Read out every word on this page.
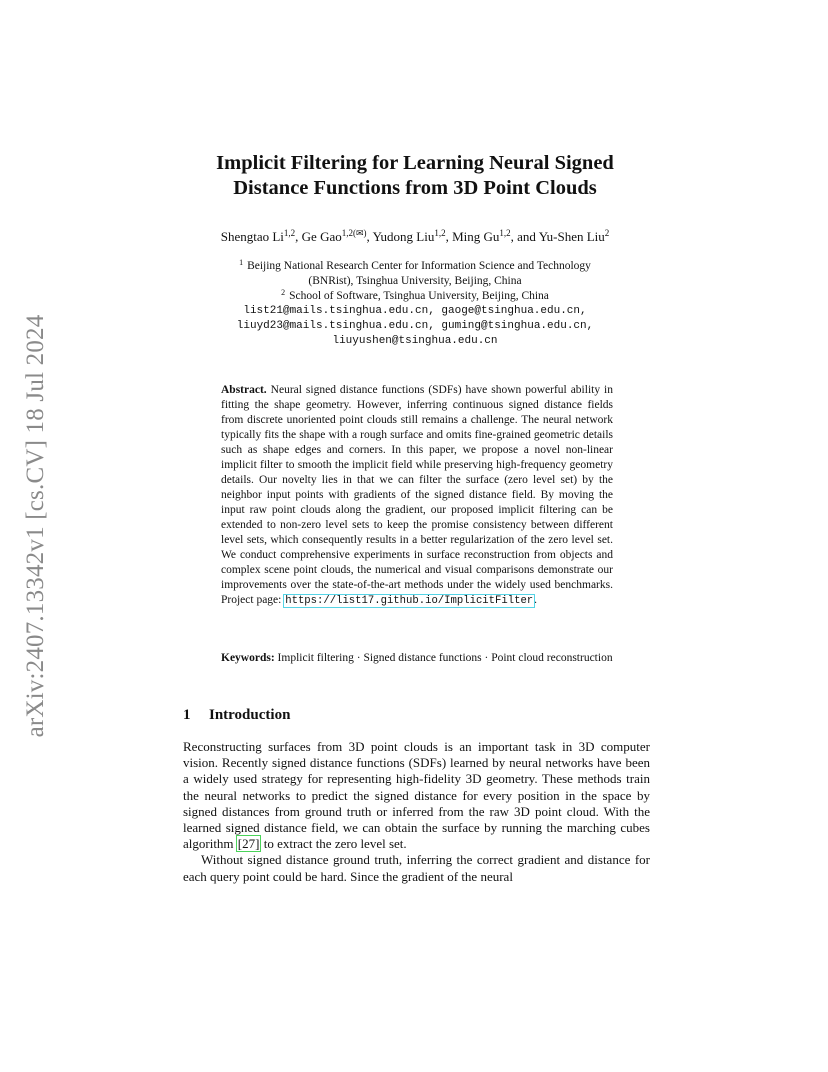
arXiv:2407.13342v1 [cs.CV] 18 Jul 2024
Implicit Filtering for Learning Neural Signed
Distance Functions from 3D Point Clouds
Shengtao Li$^{1,2}$, Ge Gao$^{1,2(✉)}$, Yudong Liu$^{1,2}$, Ming Gu$^{1,2}$, and Yu-Shen Liu$^2$
$^1$ Beijing National Research Center for Information Science and Technology
(BNRist), Tsinghua University, Beijing, China
$^2$ School of Software, Tsinghua University, Beijing, China
list21@mails.tsinghua.edu.cn, gaoge@tsinghua.edu.cn,
liuyd23@mails.tsinghua.edu.cn, guming@tsinghua.edu.cn,
liuyushen@tsinghua.edu.cn
Abstract. Neural signed distance functions (SDFs) have shown powerful ability in fitting the shape geometry. However, inferring continuous signed distance fields from discrete unoriented point clouds still remains a challenge. The neural network typically fits the shape with a rough surface and omits fine-grained geometric details such as shape edges and corners. In this paper, we propose a novel non-linear implicit filter to smooth the implicit field while preserving high-frequency geometry details. Our novelty lies in that we can filter the surface (zero level set) by the neighbor input points with gradients of the signed distance field. By moving the input raw point clouds along the gradient, our proposed implicit filtering can be extended to non-zero level sets to keep the promise consistency between different level sets, which consequently results in a better regularization of the zero level set. We conduct comprehensive experiments in surface reconstruction from objects and complex scene point clouds, the numerical and visual comparisons demonstrate our improvements over the state-of-the-art methods under the widely used benchmarks. Project page: https://list17.github.io/ImplicitFilter.
Keywords: Implicit filtering · Signed distance functions · Point cloud reconstruction
1 Introduction

Reconstructing surfaces from 3D point clouds is an important task in 3D computer vision. Recently signed distance functions (SDFs) learned by neural networks have been a widely used strategy for representing high-fidelity 3D geometry. These methods train the neural networks to predict the signed distance for every position in the space by signed distances from ground truth or inferred from the raw 3D point cloud. With the learned signed distance field, we can obtain the surface by running the marching cubes algorithm [27] to extract the zero level set.

Without signed distance ground truth, inferring the correct gradient and distance for each query point could be hard. Since the gradient of the neural
